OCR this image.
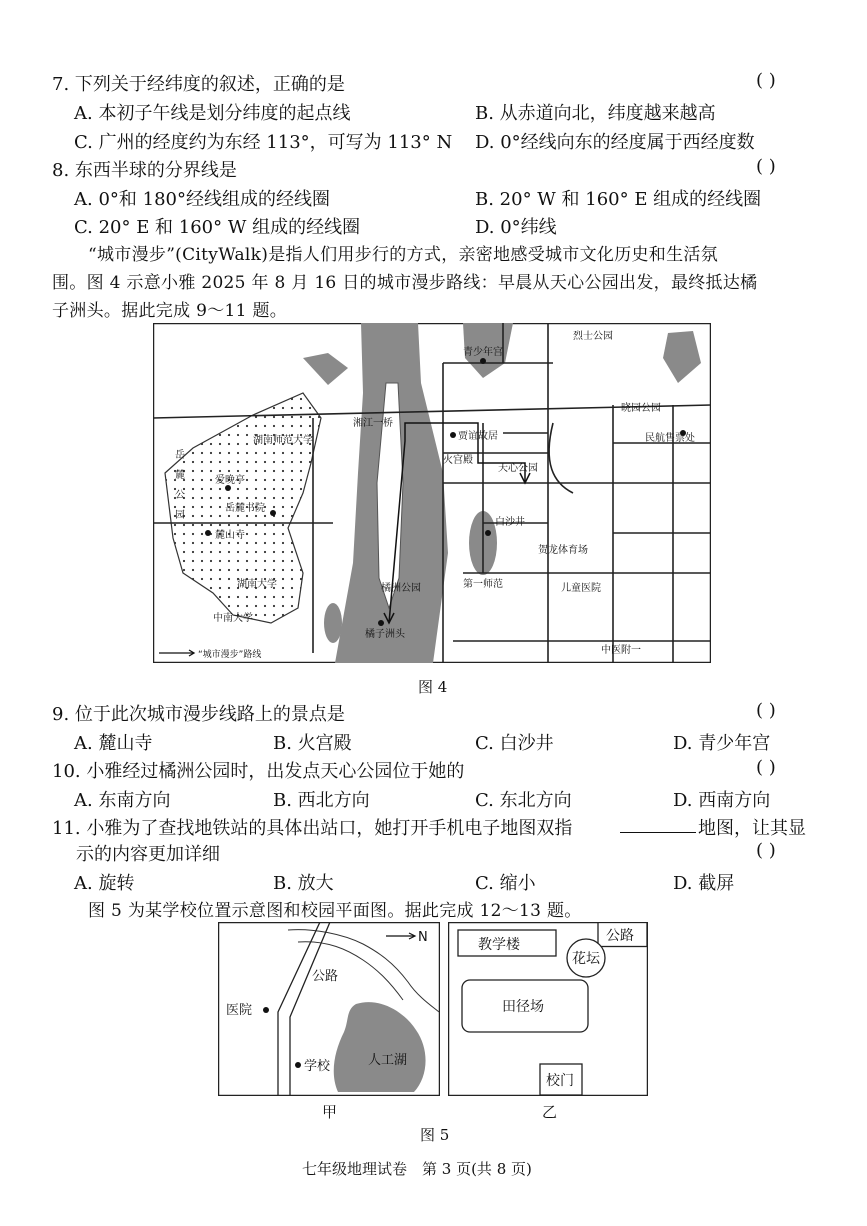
7. 下列关于经纬度的叙述，正确的是	( )
A. 本初子午线是划分纬度的起点线	B. 从赤道向北，纬度越来越高
C. 广州的经度约为东经 113°，可写为 113° N D. 0°经线向东的经度属于西经度数
8. 东西半球的分界线是	( )
A. 0°和 180°经线组成的经线圈	B. 20° W 和 160° E 组成的经线圈
C. 20° E 和 160° W 组成的经线圈	D. 0°纬线
“城市漫步”(CityWalk)是指人们用步行的方式，亲密地感受城市文化历史和生活氛
围。图 4 示意小雅 2025 年 8 月 16 日的城市漫步路线：早晨从天心公园出发，最终抵达橘
子洲头。据此完成 9～11 题。
岳
麓
公
园
爱晚亭
岳麓书院
麓山寺
湖南师范大学
湖南大学
中南大学
湘江一桥
橘洲公园
橘子洲头
青少年宫
贾谊故居
火宫殿
天心公园
白沙井
贺龙体育场
第一师范	儿童医院
中医附一
晓园公园
民航售票处
烈士公园
“城市漫步”路线
图 4
9. 位于此次城市漫步线路上的景点是	( )
A. 麓山寺	B. 火宫殿	C. 白沙井	D. 青少年宫
10. 小雅经过橘洲公园时，出发点天心公园位于她的	( )
A. 东南方向	B. 西北方向	C. 东北方向	D. 西南方向
11. 小雅为了查找地铁站的具体出站口，她打开手机电子地图双指	地图，让其显
示的内容更加详细	( )
A. 旋转	B. 放大	C. 缩小	D. 截屏
图 5 为某学校位置示意图和校园平面图。据此完成 12～13 题。
N
公路
医院
学校	人工湖
教学楼
公路
花坛
田径场
校门
甲	乙
图 5
七年级地理试卷　第 3 页(共 8 页)
